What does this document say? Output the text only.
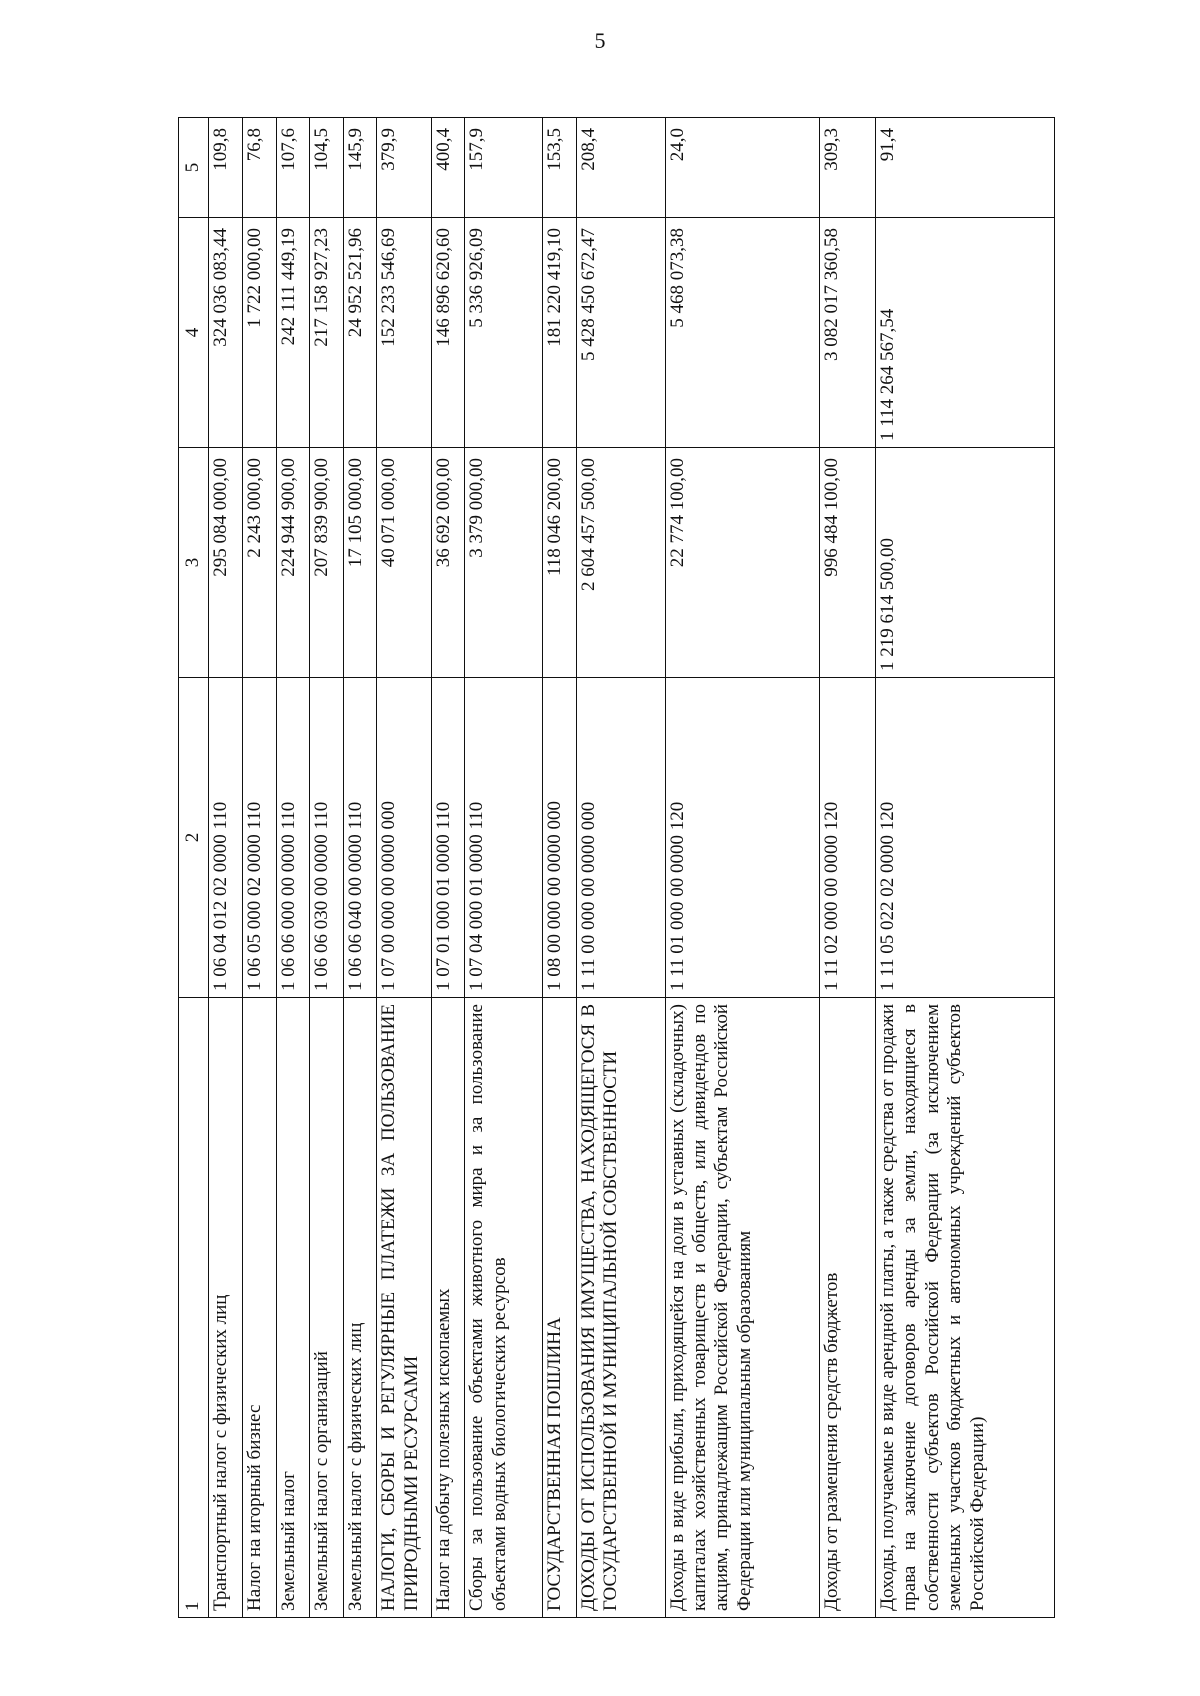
5
1	2	3	4	5
Транспортный налог с физических лиц	1 06 04 012 02 0000 110	295 084 000,00	324 036 083,44	109,8
Налог на игорный бизнес	1 06 05 000 02 0000 110	2 243 000,00	1 722 000,00	76,8
Земельный налог	1 06 06 000 00 0000 110	224 944 900,00	242 111 449,19	107,6
Земельный налог с организаций	1 06 06 030 00 0000 110	207 839 900,00	217 158 927,23	104,5
Земельный налог с физических лиц	1 06 06 040 00 0000 110	17 105 000,00	24 952 521,96	145,9
НАЛОГИ, СБОРЫ И РЕГУЛЯРНЫЕ ПЛАТЕЖИ ЗА ПОЛЬЗОВАНИЕ ПРИРОДНЫМИ РЕСУРСАМИ	1 07 00 000 00 0000 000	40 071 000,00	152 233 546,69	379,9
Налог на добычу полезных ископаемых	1 07 01 000 01 0000 110	36 692 000,00	146 896 620,60	400,4
Сборы за пользование объектами животного мира и за пользование объектами водных биологических ресурсов	1 07 04 000 01 0000 110	3 379 000,00	5 336 926,09	157,9
ГОСУДАРСТВЕННАЯ ПОШЛИНА	1 08 00 000 00 0000 000	118 046 200,00	181 220 419,10	153,5
ДОХОДЫ ОТ ИСПОЛЬЗОВАНИЯ ИМУЩЕСТВА, НАХОДЯЩЕГОСЯ В ГОСУДАРСТВЕННОЙ И МУНИЦИПАЛЬНОЙ СОБСТВЕННОСТИ	1 11 00 000 00 0000 000	2 604 457 500,00	5 428 450 672,47	208,4
Доходы в виде прибыли, приходящейся на доли в уставных (складочных) капиталах хозяйственных товариществ и обществ, или дивидендов по акциям, принадлежащим Российской Федерации, субъектам Российской Федерации или муниципальным образованиям	1 11 01 000 00 0000 120	22 774 100,00	5 468 073,38	24,0
Доходы от размещения средств бюджетов	1 11 02 000 00 0000 120	996 484 100,00	3 082 017 360,58	309,3
Доходы, получаемые в виде арендной платы, а также средства от продажи права на заключение договоров аренды за земли, находящиеся в собственности субъектов Российской Федерации (за исключением земельных участков бюджетных и автономных учреждений субъектов Российской Федерации)	1 11 05 022 02 0000 120	1 219 614 500,00	1 114 264 567,54	91,4
